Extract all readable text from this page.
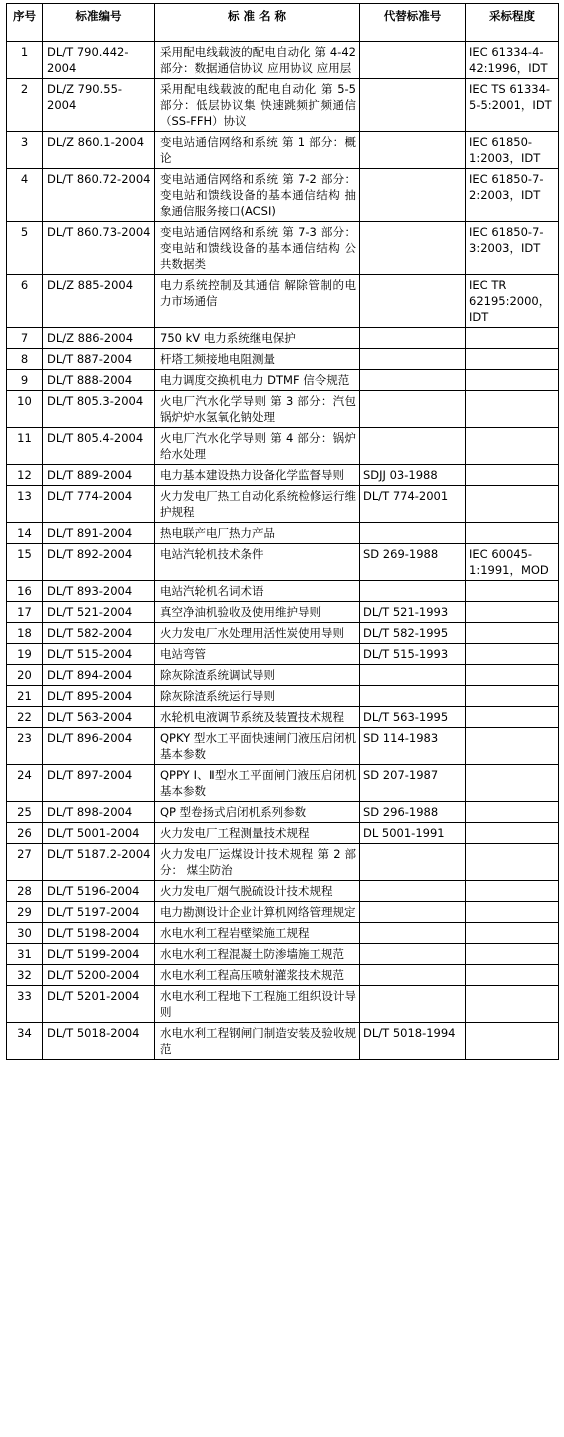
序号	标准编号	标 准 名 称	代替标准号	采标程度
1	DL/T 790.442-2004	采用配电线载波的配电自动化 第 4-42 部分：数据通信协议 应用协议 应用层		IEC 61334-4-42:1996，IDT
2	DL/Z 790.55-2004	采用配电线载波的配电自动化 第 5-5 部分：低层协议集 快速跳频扩频通信（SS-FFH）协议		IEC TS 61334-5-5:2001，IDT
3	DL/Z 860.1-2004	变电站通信网络和系统 第 1 部分：概论		IEC 61850-1:2003，IDT
4	DL/T 860.72-2004	变电站通信网络和系统 第 7-2 部分：变电站和馈线设备的基本通信结构 抽象通信服务接口(ACSI)		IEC 61850-7-2:2003，IDT
5	DL/T 860.73-2004	变电站通信网络和系统 第 7-3 部分：变电站和馈线设备的基本通信结构 公共数据类		IEC 61850-7-3:2003，IDT
6	DL/Z 885-2004	电力系统控制及其通信 解除管制的电力市场通信		IEC TR 62195:2000，IDT
7	DL/Z 886-2004	750 kV 电力系统继电保护		
8	DL/T 887-2004	杆塔工频接地电阻测量		
9	DL/T 888-2004	电力调度交换机电力 DTMF 信令规范		
10	DL/T 805.3-2004	火电厂汽水化学导则 第 3 部分：汽包锅炉炉水氢氧化钠处理		
11	DL/T 805.4-2004	火电厂汽水化学导则 第 4 部分：锅炉给水处理		
12	DL/T 889-2004	电力基本建设热力设备化学监督导则	SDJJ 03-1988	
13	DL/T 774-2004	火力发电厂热工自动化系统检修运行维护规程	DL/T 774-2001	
14	DL/T 891-2004	热电联产电厂热力产品		
15	DL/T 892-2004	电站汽轮机技术条件	SD 269-1988	IEC 60045-1:1991，MOD
16	DL/T 893-2004	电站汽轮机名词术语		
17	DL/T 521-2004	真空净油机验收及使用维护导则	DL/T 521-1993	
18	DL/T 582-2004	火力发电厂水处理用活性炭使用导则	DL/T 582-1995	
19	DL/T 515-2004	电站弯管	DL/T 515-1993	
20	DL/T 894-2004	除灰除渣系统调试导则		
21	DL/T 895-2004	除灰除渣系统运行导则		
22	DL/T 563-2004	水轮机电液调节系统及装置技术规程	DL/T 563-1995	
23	DL/T 896-2004	QPKY 型水工平面快速闸门液压启闭机基本参数	SD 114-1983	
24	DL/T 897-2004	QPPY Ⅰ、Ⅱ型水工平面闸门液压启闭机基本参数	SD 207-1987	
25	DL/T 898-2004	QP 型卷扬式启闭机系列参数	SD 296-1988	
26	DL/T 5001-2004	火力发电厂工程测量技术规程	DL 5001-1991	
27	DL/T 5187.2-2004	火力发电厂运煤设计技术规程 第 2 部分： 煤尘防治		
28	DL/T 5196-2004	火力发电厂烟气脱硫设计技术规程		
29	DL/T 5197-2004	电力勘测设计企业计算机网络管理规定		
30	DL/T 5198-2004	水电水利工程岩壁梁施工规程		
31	DL/T 5199-2004	水电水利工程混凝土防渗墙施工规范		
32	DL/T 5200-2004	水电水利工程高压喷射灌浆技术规范		
33	DL/T 5201-2004	水电水利工程地下工程施工组织设计导则		
34	DL/T 5018-2004	水电水利工程钢闸门制造安装及验收规范	DL/T 5018-1994	
